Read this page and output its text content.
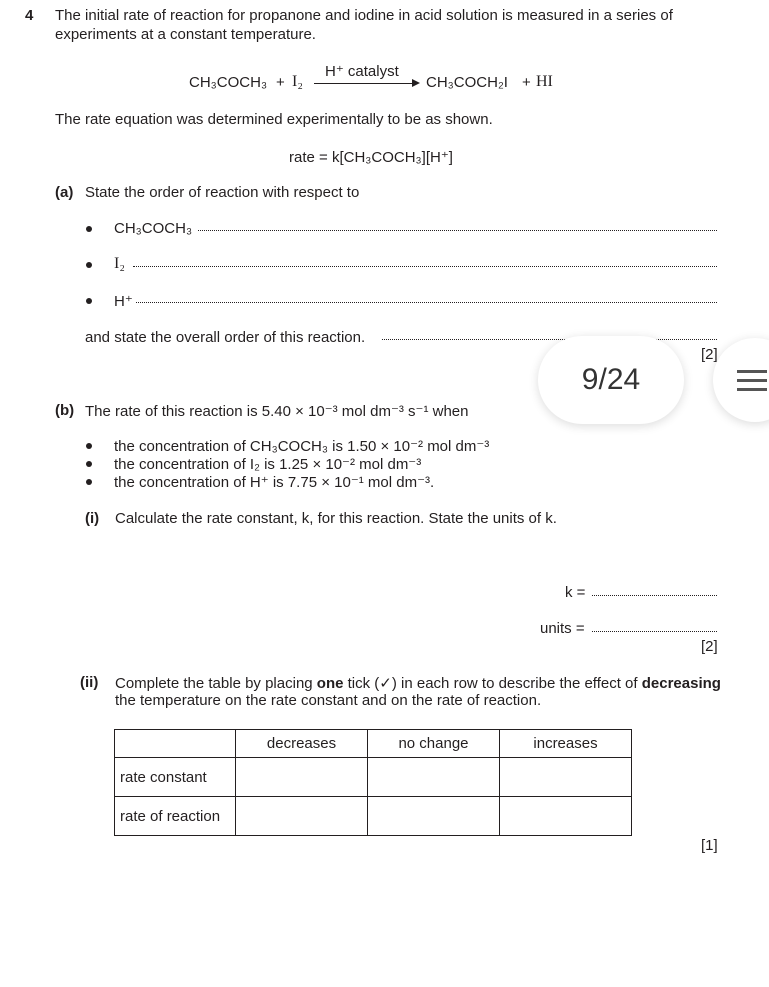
4 The initial rate of reaction for propanone and iodine in acid solution is measured in a series of
experiments at a constant temperature.
CH₃COCH₃ + I₂
H⁺ catalyst
CH₃COCH₂I + HI
The rate equation was determined experimentally to be as shown.
rate = k[CH₃COCH₃][H⁺]
(a) State the order of reaction with respect to
CH₃COCH₃
I₂
H⁺
and state the overall order of this reaction.
[2]
(b) The rate of this reaction is 5.40 × 10⁻³ mol dm⁻³ s⁻¹ when
the concentration of CH₃COCH₃ is 1.50 × 10⁻² mol dm⁻³
the concentration of I₂ is 1.25 × 10⁻² mol dm⁻³
the concentration of H⁺ is 7.75 × 10⁻¹ mol dm⁻³.
(i) Calculate the rate constant, k, for this reaction. State the units of k.
k =
units =
[2]
(ii) Complete the table by placing one tick (✓) in each row to describe the effect of decreasing
the temperature on the rate constant and on the rate of reaction.
	decreases	no change	increases
rate constant			
rate of reaction			
[1]
9/24
